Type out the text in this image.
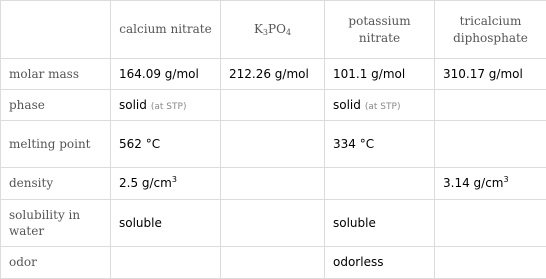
	calcium nitrate	$K_3PO_4$	potassium nitrate	tricalcium diphosphate
molar mass	164.09 g/mol	212.26 g/mol	101.1 g/mol	310.17 g/mol
phase	solid (at STP)		solid (at STP)	
melting point	562 °C		334 °C	
density	2.5 $g/cm^3$			3.14 $g/cm^3$
solubility in water	soluble		soluble	
odor			odorless	
